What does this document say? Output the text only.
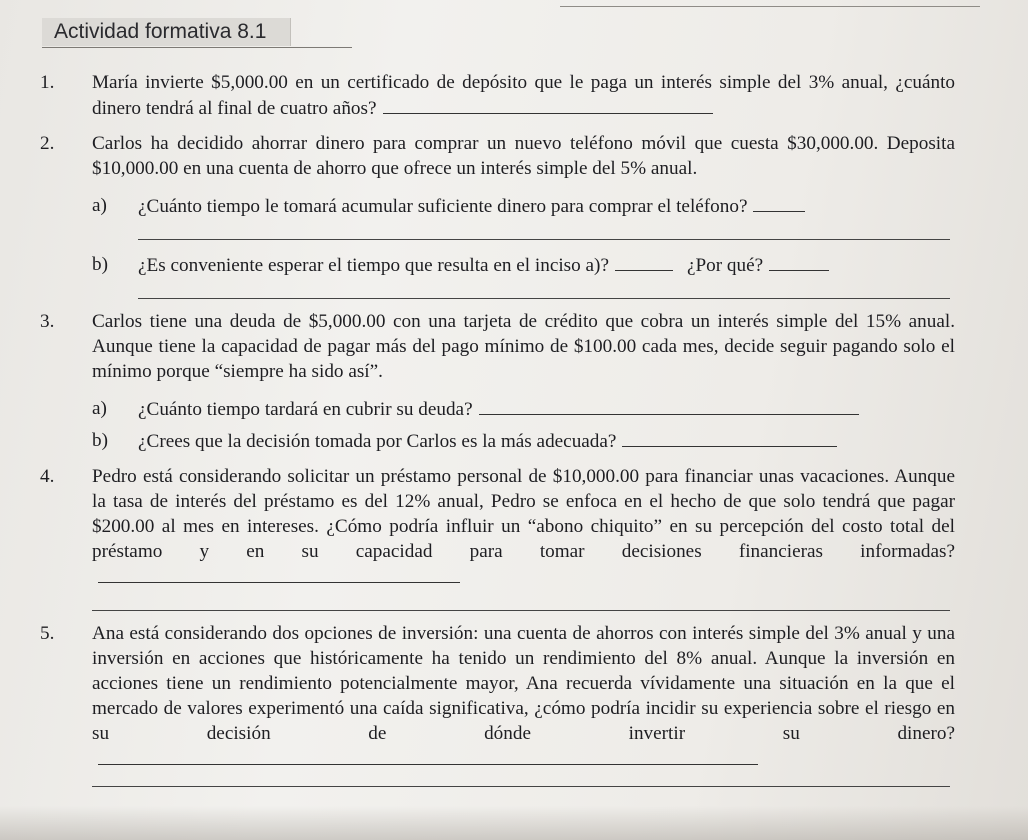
Actividad formativa 8.1
1. María invierte $5,000.00 en un certificado de depósito que le paga un interés simple del 3% anual, ¿cuánto dinero tendrá al final de cuatro años?

2. Carlos ha decidido ahorrar dinero para comprar un nuevo teléfono móvil que cuesta $30,000.00. Deposita $10,000.00 en una cuenta de ahorro que ofrece un interés simple del 5% anual.

a) ¿Cuánto tiempo le tomará acumular suficiente dinero para comprar el teléfono?

b) ¿Es conveniente esperar el tiempo que resulta en el inciso a)?	¿Por qué?

3. Carlos tiene una deuda de $5,000.00 con una tarjeta de crédito que cobra un interés simple del 15% anual. Aunque tiene la capacidad de pagar más del pago mínimo de $100.00 cada mes, decide seguir pagando solo el mínimo porque “siempre ha sido así”.

a) ¿Cuánto tiempo tardará en cubrir su deuda?

b) ¿Crees que la decisión tomada por Carlos es la más adecuada?

4. Pedro está considerando solicitar un préstamo personal de $10,000.00 para financiar unas vacaciones. Aunque la tasa de interés del préstamo es del 12% anual, Pedro se enfoca en el hecho de que solo tendrá que pagar $200.00 al mes en intereses. ¿Cómo podría influir un “abono chiquito” en su percepción del costo total del préstamo y en su capacidad para tomar decisiones financieras informadas?

5. Ana está considerando dos opciones de inversión: una cuenta de ahorros con interés simple del 3% anual y una inversión en acciones que históricamente ha tenido un rendimiento del 8% anual. Aunque la inversión en acciones tiene un rendimiento potencialmente mayor, Ana recuerda vívidamente una situación en la que el mercado de valores experimentó una caída significativa, ¿cómo podría incidir su experiencia sobre el riesgo en su decisión de dónde invertir su dinero?
